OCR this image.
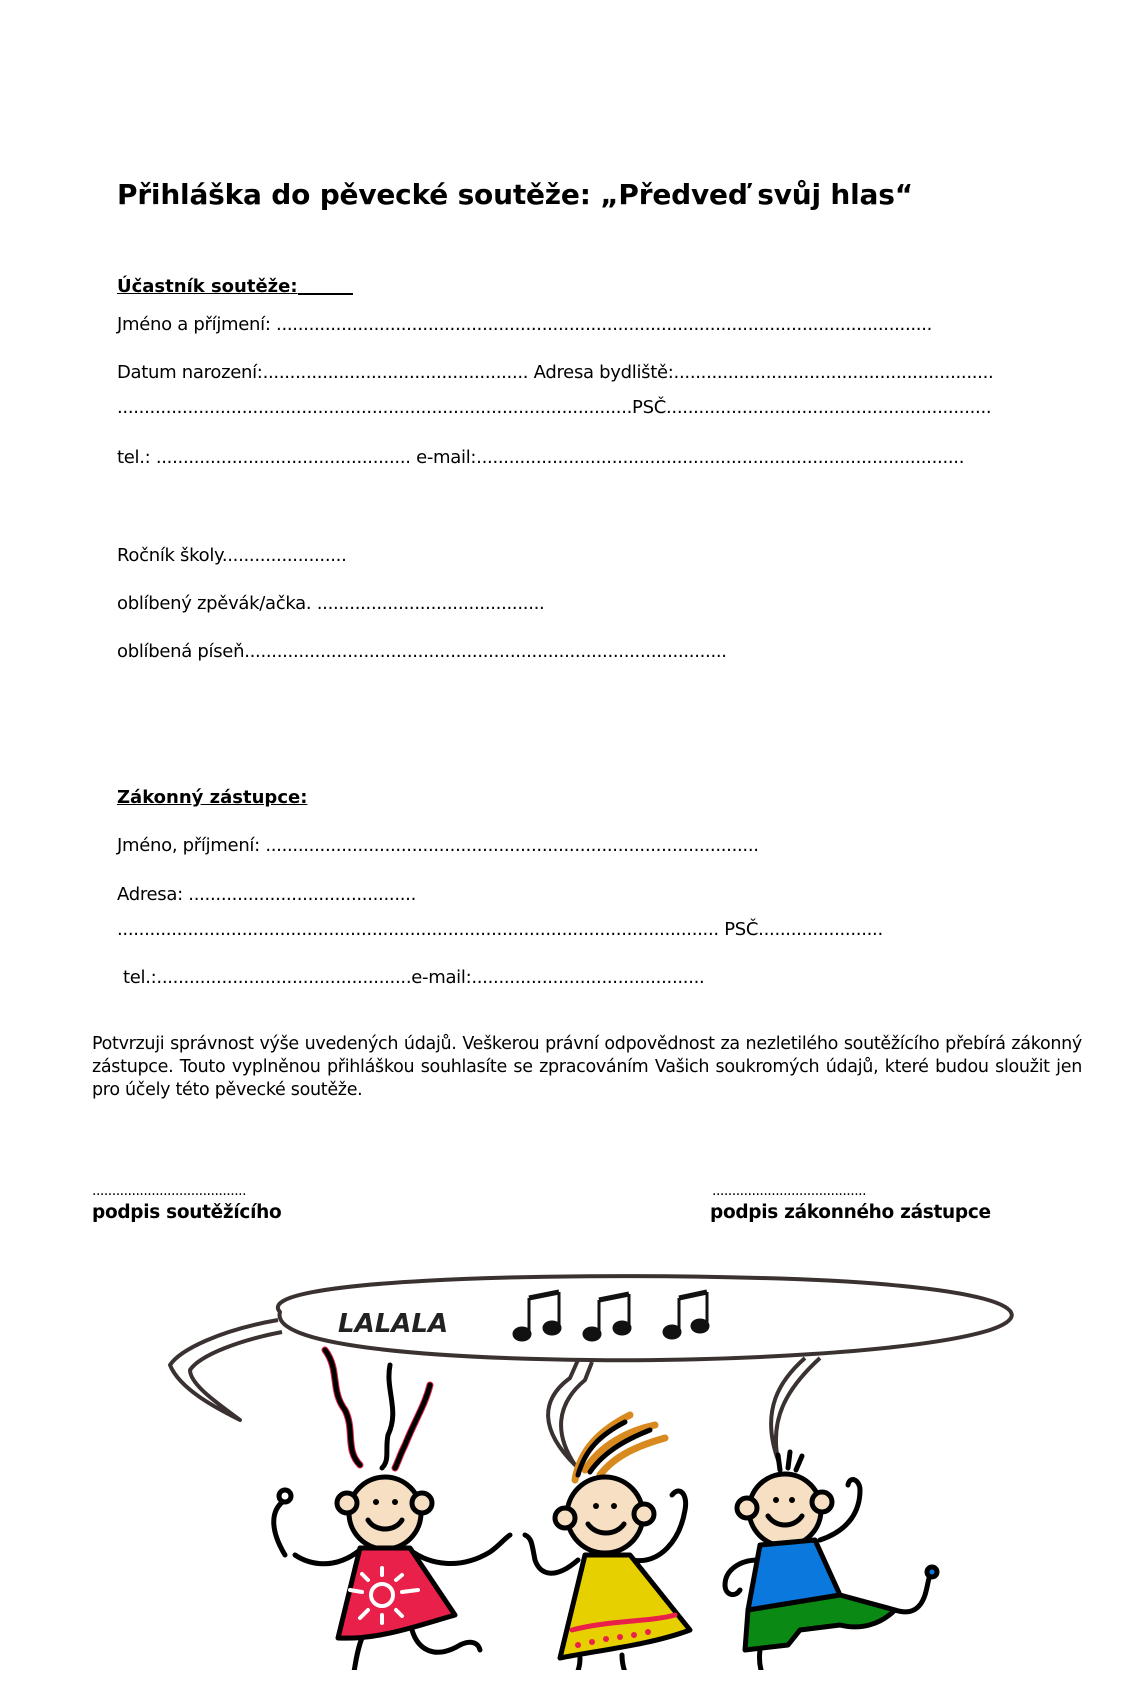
Přihláška do pěvecké soutěže: „Předveď svůj hlas“
Účastník soutěže:
Jméno a příjmení: .........................................................................................................................
Datum narození:................................................. Adresa bydliště:...........................................................
...............................................................................................PSČ............................................................
tel.: ............................................... e-mail:..........................................................................................
Ročník školy.......................
oblíbený zpěvák/ačka. ..........................................
oblíbená píseň.........................................................................................
Zákonný zástupce:
Jméno, příjmení: ...........................................................................................
Adresa: ..........................................
............................................................................................................... PSČ.......................
tel.:...............................................e-mail:...........................................
Potvrzuji správnost výše uvedených údajů. Veškerou právní odpovědnost za nezletilého soutěžícího přebírá zákonný zástupce. Touto vyplněnou přihláškou souhlasíte se zpracováním Vašich soukromých údajů, které budou sloužit jen pro účely této pěvecké soutěže.
.......................................
podpis soutěžícího
.......................................
podpis zákonného zástupce
LALALA
